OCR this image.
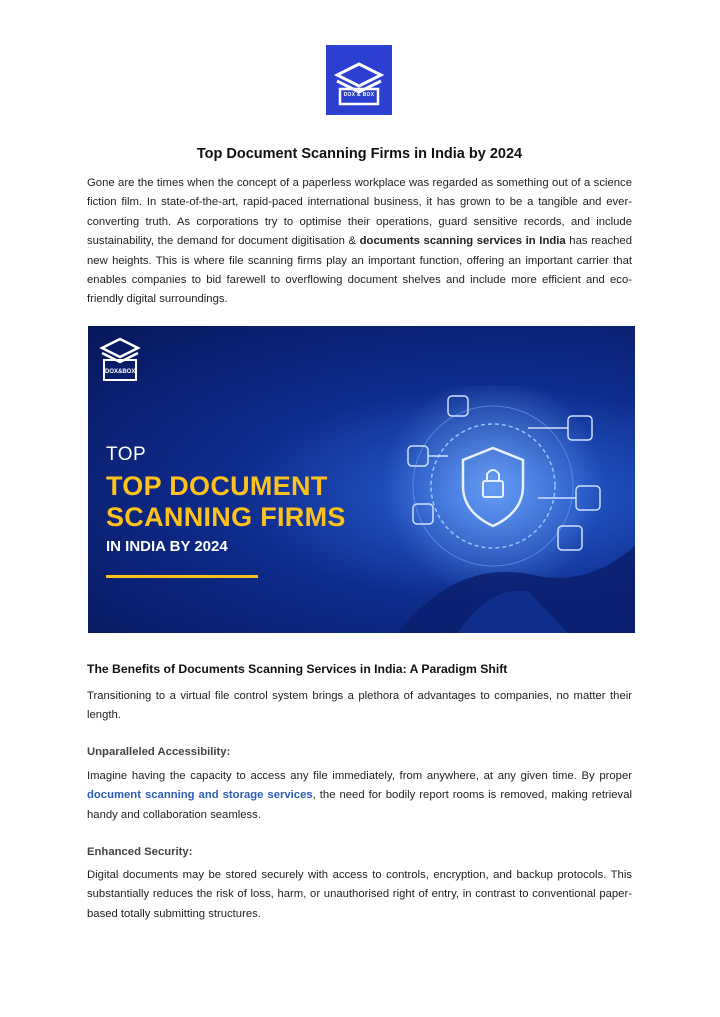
DOX & BOX
Top Document Scanning Firms in India by 2024

Gone are the times when the concept of a paperless workplace was regarded as something out of a science fiction film. In state-of-the-art, rapid-paced international business, it has grown to be a tangible and ever-converting truth. As corporations try to optimise their operations, guard sensitive records, and include sustainability, the demand for document digitisation & documents scanning services in India has reached new heights. This is where file scanning firms play an important function, offering an important carrier that enables companies to bid farewell to overflowing document shelves and include more efficient and eco-friendly digital surroundings.

DOX&BOX
TOP
TOP DOCUMENT
SCANNING FIRMS
IN INDIA BY 2024
The Benefits of Documents Scanning Services in India: A Paradigm Shift

Transitioning to a virtual file control system brings a plethora of advantages to companies, no matter their length.

Unparalleled Accessibility:

Imagine having the capacity to access any file immediately, from anywhere, at any given time. By proper document scanning and storage services, the need for bodily report rooms is removed, making retrieval handy and collaboration seamless.

Enhanced Security:

Digital documents may be stored securely with access to controls, encryption, and backup protocols. This substantially reduces the risk of loss, harm, or unauthorised right of entry, in contrast to conventional paper-based totally submitting structures.
